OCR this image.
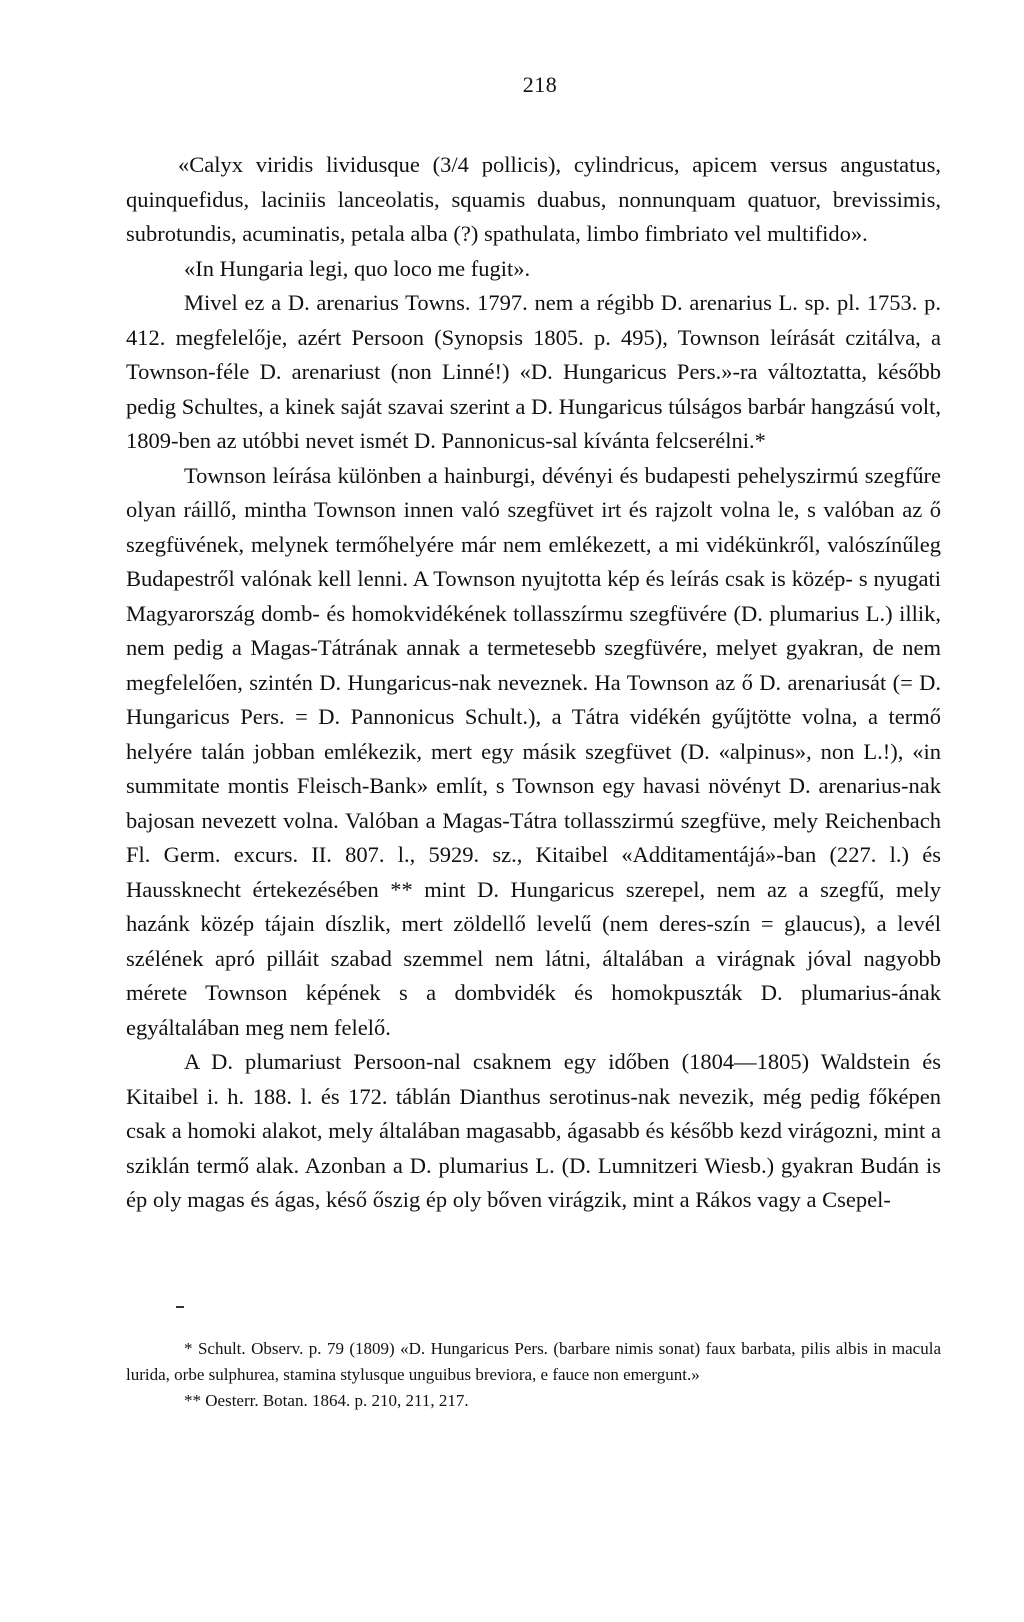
218

«Calyx viridis lividusque (3/4 pollicis), cylindricus, apicem versus angustatus, quinquefidus, laciniis lanceolatis, squamis duabus, nonnunquam quatuor, brevissimis, subrotundis, acuminatis, petala alba (?) spathulata, limbo fimbriato vel multifido».

«In Hungaria legi, quo loco me fugit».

Mivel ez a D. arenarius Towns. 1797. nem a régibb D. arenarius L. sp. pl. 1753. p. 412. megfelelője, azért Persoon (Synopsis 1805. p. 495), Townson leírását czitálva, a Townson-féle D. arenariust (non Linné!) «D. Hungaricus Pers.»-ra változtatta, később pedig Schultes, a kinek saját szavai szerint a D. Hungaricus túlságos barbár hangzású volt, 1809-ben az utóbbi nevet ismét D. Pannonicus-sal kívánta felcserélni.*

Townson leírása különben a hainburgi, dévényi és budapesti pehelyszirmú szegfűre olyan ráillő, mintha Townson innen való szegfüvet irt és rajzolt volna le, s valóban az ő szegfüvének, melynek termőhelyére már nem emlékezett, a mi vidékünkről, valószínűleg Budapestről valónak kell lenni. A Townson nyujtotta kép és leírás csak is közép- s nyugati Magyarország domb- és homokvidékének tollasszírmu szegfüvére (D. plumarius L.) illik, nem pedig a Magas-Tátrának annak a termetesebb szegfüvére, melyet gyakran, de nem megfelelően, szintén D. Hungaricus-nak neveznek. Ha Townson az ő D. arenariusát (= D. Hungaricus Pers. = D. Pannonicus Schult.), a Tátra vidékén gyűjtötte volna, a termő helyére talán jobban emlékezik, mert egy másik szegfüvet (D. «alpinus», non L.!), «in summitate montis Fleisch-Bank» említ, s Townson egy havasi növényt D. arenarius-nak bajosan nevezett volna. Valóban a Magas-Tátra tollasszirmú szegfüve, mely Reichenbach Fl. Germ. excurs. II. 807. l., 5929. sz., Kitaibel «Additamentájá»-ban (227. l.) és Haussknecht értekezésében ** mint D. Hungaricus szerepel, nem az a szegfű, mely hazánk közép tájain díszlik, mert zöldellő levelű (nem deres-szín = glaucus), a levél szélének apró pilláit szabad szemmel nem látni, általában a virágnak jóval nagyobb mérete Townson képének s a dombvidék és homokpuszták D. plumarius-ának egyáltalában meg nem felelő.

A D. plumariust Persoon-nal csaknem egy időben (1804—1805) Waldstein és Kitaibel i. h. 188. l. és 172. táblán Dianthus serotinus-nak nevezik, még pedig főképen csak a homoki alakot, mely általában magasabb, ágasabb és később kezd virágozni, mint a sziklán termő alak. Azonban a D. plumarius L. (D. Lumnitzeri Wiesb.) gyakran Budán is ép oly magas és ágas, késő őszig ép oly bőven virágzik, mint a Rákos vagy a Csepel-

* Schult. Observ. p. 79 (1809) «D. Hungaricus Pers. (barbare nimis sonat) faux barbata, pilis albis in macula lurida, orbe sulphurea, stamina stylusque unguibus breviora, e fauce non emergunt.»

** Oesterr. Botan. 1864. p. 210, 211, 217.
